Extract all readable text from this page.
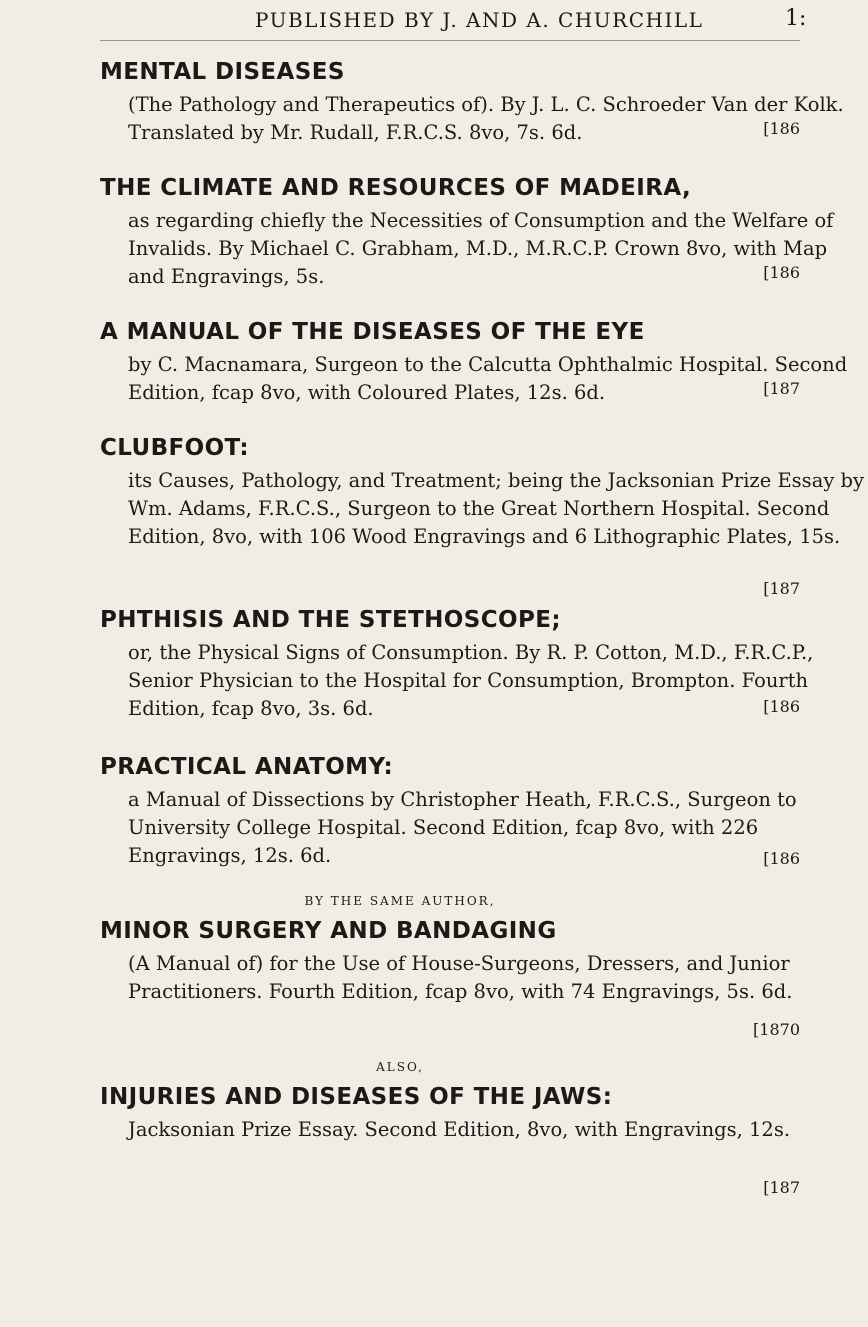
PUBLISHED BY J. AND A. CHURCHILL	1:
MENTAL DISEASES
(The Pathology and Therapeutics of). By J. L. C. Schroeder Van der Kolk. Translated by Mr. Rudall, F.R.C.S. 8vo, 7s. 6d.	[186
THE CLIMATE AND RESOURCES OF MADEIRA,
as regarding chiefly the Necessities of Consumption and the Welfare of Invalids. By Michael C. Grabham, M.D., M.R.C.P. Crown 8vo, with Map and Engravings, 5s.	[186
A MANUAL OF THE DISEASES OF THE EYE
by C. Macnamara, Surgeon to the Calcutta Ophthalmic Hospital. Second Edition, fcap 8vo, with Coloured Plates, 12s. 6d.	[187
CLUBFOOT:
its Causes, Pathology, and Treatment; being the Jacksonian Prize Essay by Wm. Adams, F.R.C.S., Surgeon to the Great Northern Hospital. Second Edition, 8vo, with 106 Wood Engravings and 6 Lithographic Plates, 15s.
[187
PHTHISIS AND THE STETHOSCOPE;
or, the Physical Signs of Consumption. By R. P. Cotton, M.D., F.R.C.P., Senior Physician to the Hospital for Consumption, Brompton. Fourth Edition, fcap 8vo, 3s. 6d.	[186
PRACTICAL ANATOMY:
a Manual of Dissections by Christopher Heath, F.R.C.S., Surgeon to University College Hospital. Second Edition, fcap 8vo, with 226 Engravings, 12s. 6d.	[186
BY THE SAME AUTHOR,
MINOR SURGERY AND BANDAGING
(A Manual of) for the Use of House-Surgeons, Dressers, and Junior Practitioners. Fourth Edition, fcap 8vo, with 74 Engravings, 5s. 6d.
[1870
ALSO,
INJURIES AND DISEASES OF THE JAWS:
Jacksonian Prize Essay. Second Edition, 8vo, with Engravings, 12s.
[187
